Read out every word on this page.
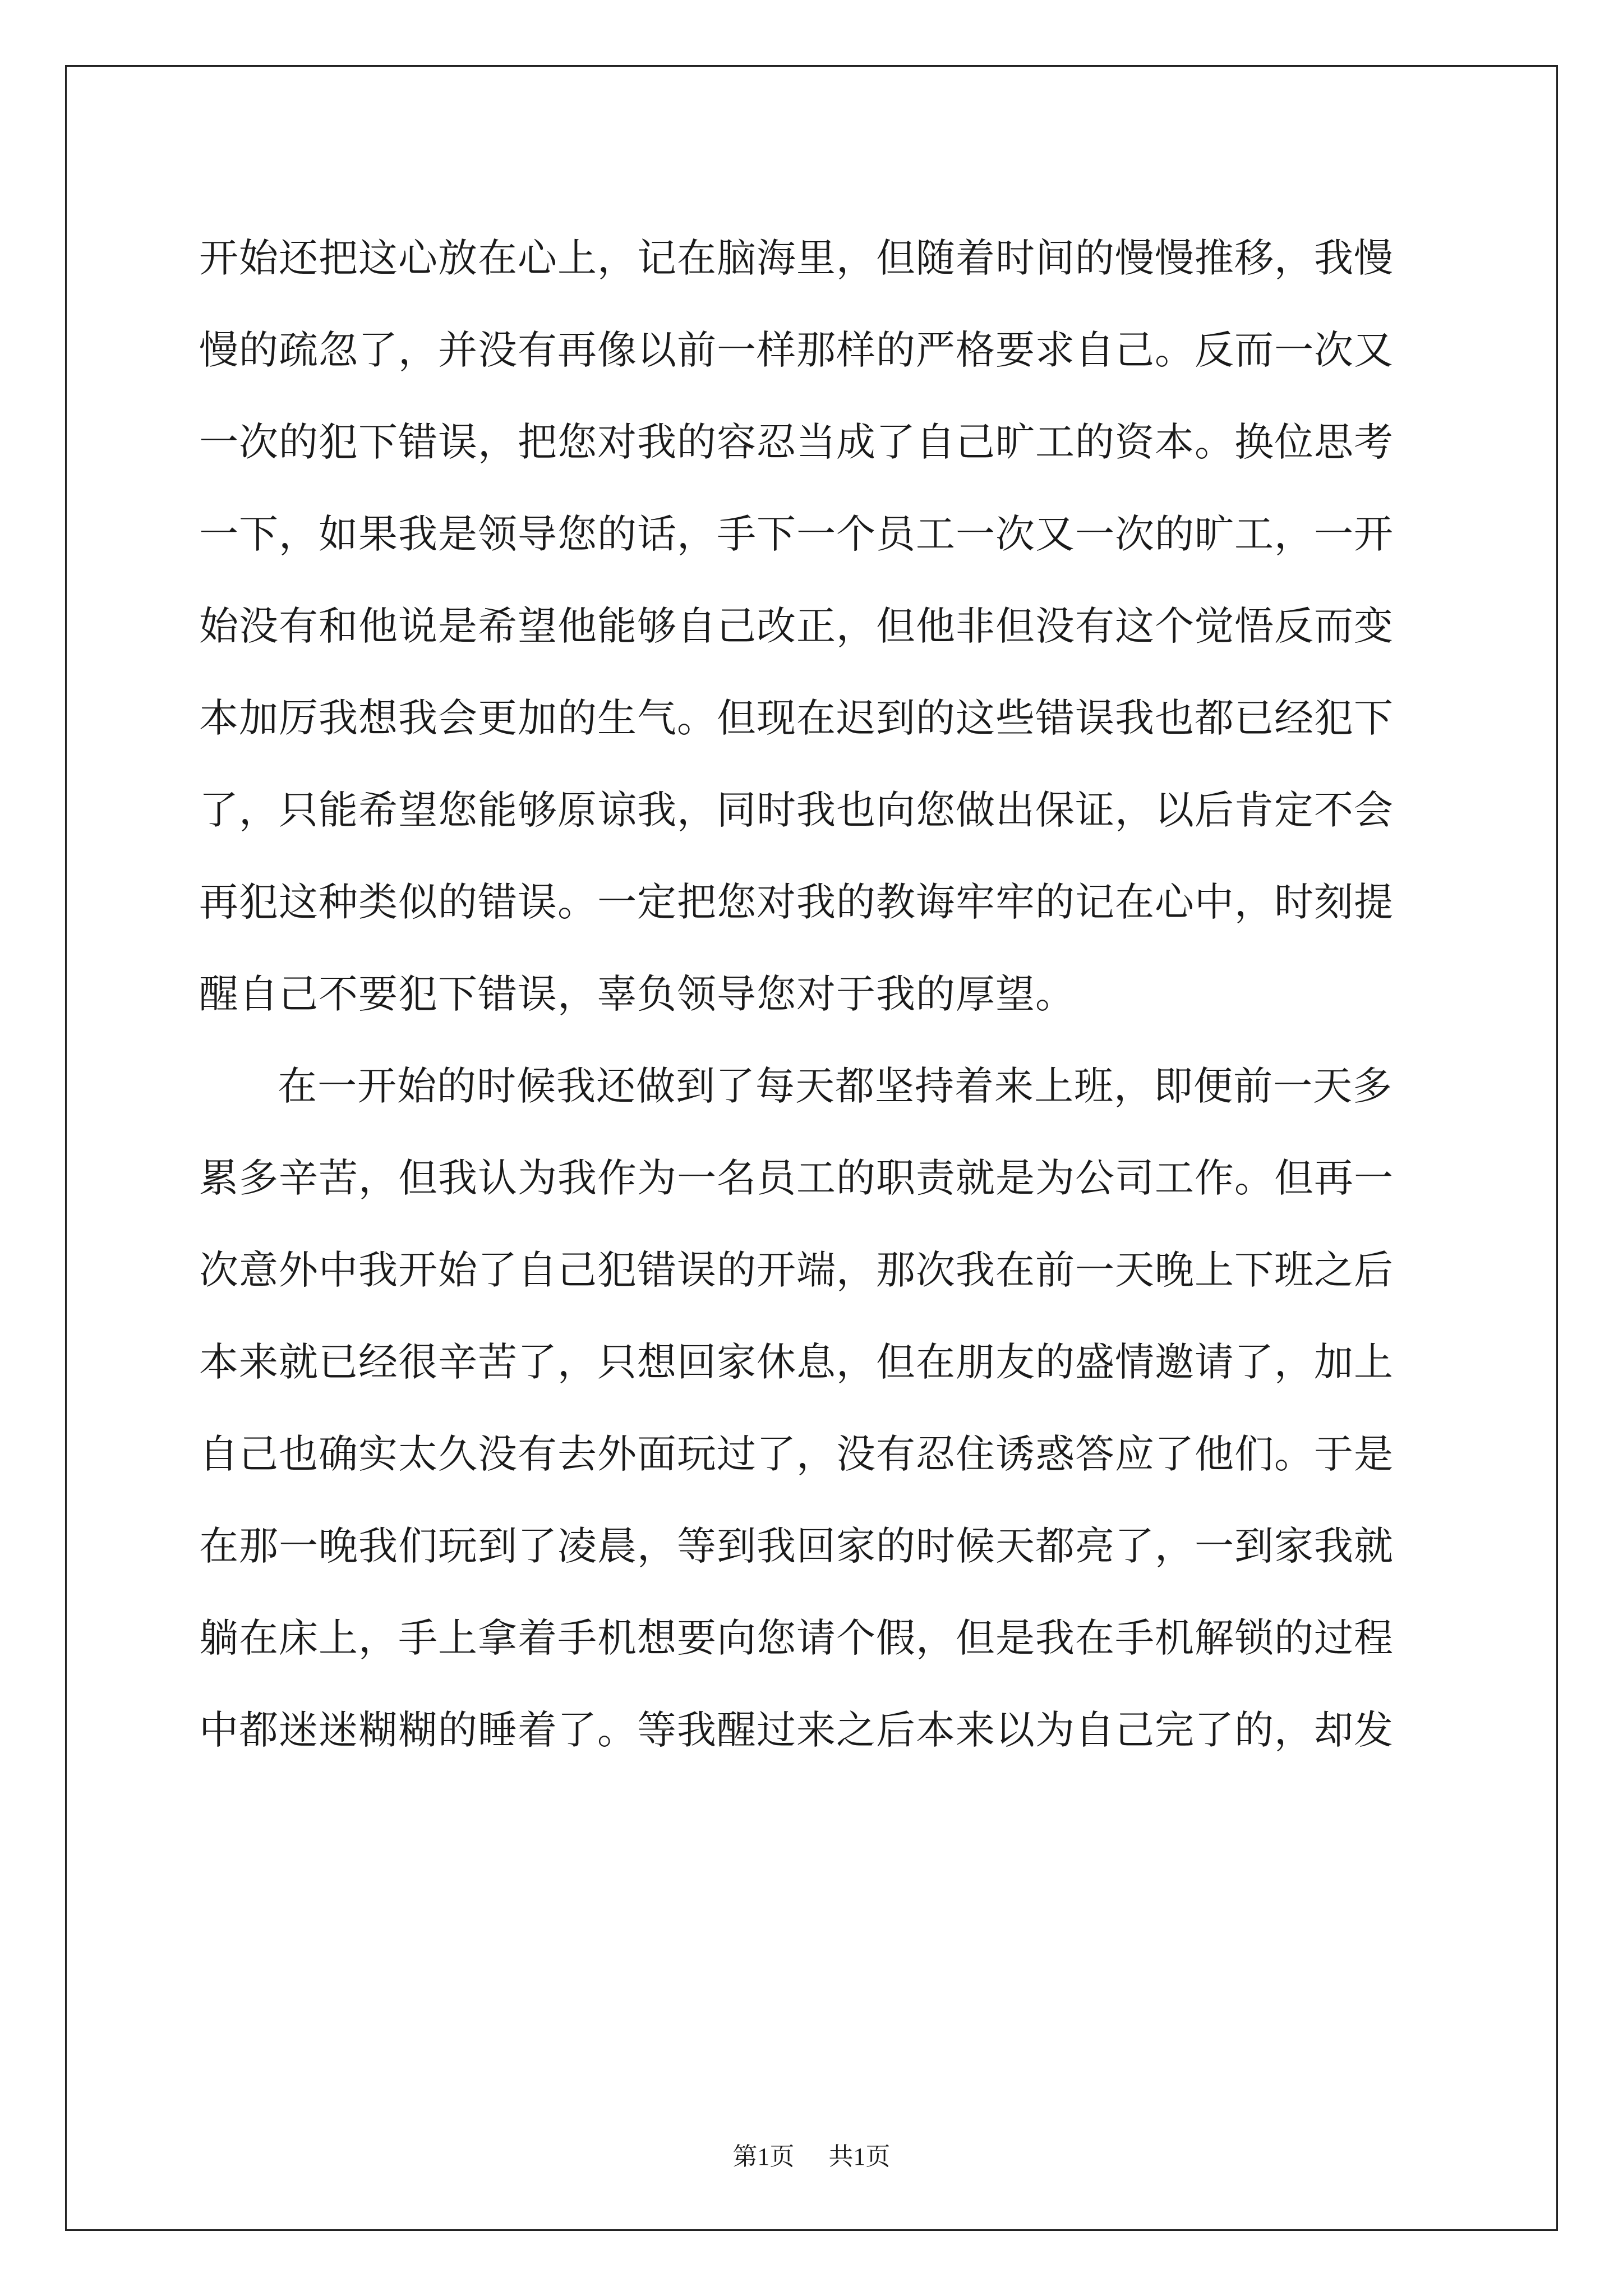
开始还把这心放在心上，记在脑海里，但随着时间的慢慢推移，我慢
慢的疏忽了，并没有再像以前一样那样的严格要求自己。反而一次又
一次的犯下错误，把您对我的容忍当成了自己旷工的资本。换位思考
一下，如果我是领导您的话，手下一个员工一次又一次的旷工，一开
始没有和他说是希望他能够自己改正，但他非但没有这个觉悟反而变
本加厉我想我会更加的生气。但现在迟到的这些错误我也都已经犯下
了，只能希望您能够原谅我，同时我也向您做出保证，以后肯定不会
再犯这种类似的错误。一定把您对我的教诲牢牢的记在心中，时刻提
醒自己不要犯下错误，辜负领导您对于我的厚望。
在一开始的时候我还做到了每天都坚持着来上班，即便前一天多
累多辛苦，但我认为我作为一名员工的职责就是为公司工作。但再一
次意外中我开始了自己犯错误的开端，那次我在前一天晚上下班之后
本来就已经很辛苦了，只想回家休息，但在朋友的盛情邀请了，加上
自己也确实太久没有去外面玩过了，没有忍住诱惑答应了他们。于是
在那一晚我们玩到了凌晨，等到我回家的时候天都亮了，一到家我就
躺在床上，手上拿着手机想要向您请个假，但是我在手机解锁的过程
中都迷迷糊糊的睡着了。等我醒过来之后本来以为自己完了的，却发
第1页 共1页
